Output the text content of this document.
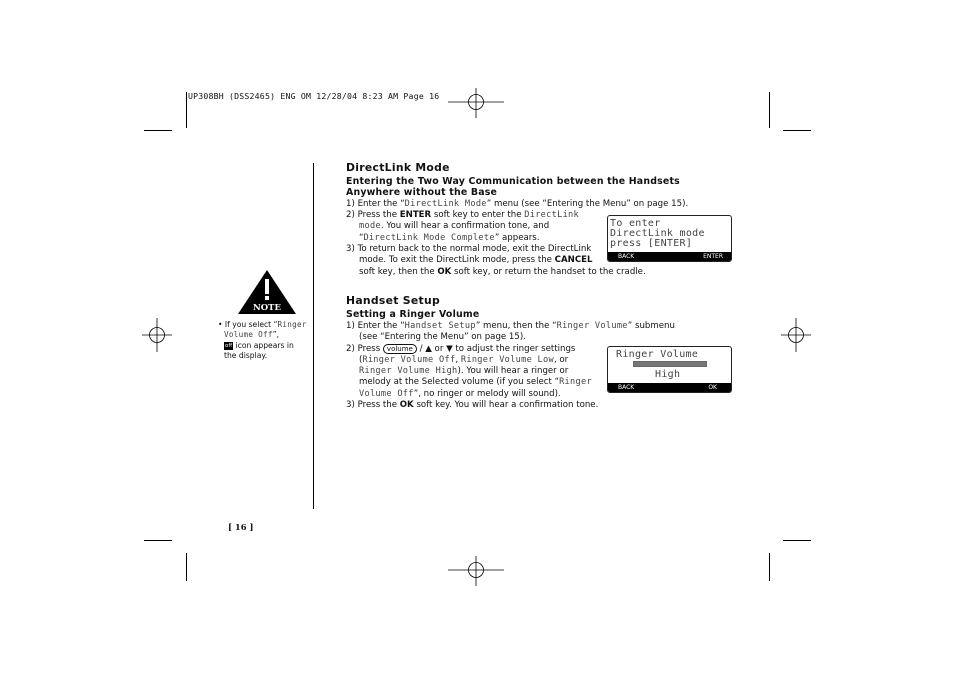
UP308BH (DSS2465) ENG OM 12/28/04 8:23 AM Page 16
NOTE
• If you select “Ringer
Volume Off”,
off icon appears in
the display.
DirectLink Mode
Entering the Two Way Communication between the Handsets
Anywhere without the Base
1) Enter the “DirectLink Mode” menu (see “Entering the Menu” on page 15).
2) Press the ENTER soft key to enter the DirectLink
mode. You will hear a confirmation tone, and
“DirectLink Mode Complete” appears.
3) To return back to the normal mode, exit the DirectLink
mode. To exit the DirectLink mode, press the CANCEL
soft key, then the OK soft key, or return the handset to the cradle.
To enter
DirectLink mode
press [ENTER]
BACK	ENTER
Handset Setup
Setting a Ringer Volume
1) Enter the “Handset Setup” menu, then the “Ringer Volume” submenu
(see “Entering the Menu” on page 15).
2) Press volume / ▲ or ▼ to adjust the ringer settings
(Ringer Volume Off, Ringer Volume Low, or
Ringer Volume High). You will hear a ringer or
melody at the Selected volume (if you select “Ringer
Volume Off”, no ringer or melody will sound).
3) Press the OK soft key. You will hear a confirmation tone.
Ringer Volume
High
BACK	OK
[ 16 ]
